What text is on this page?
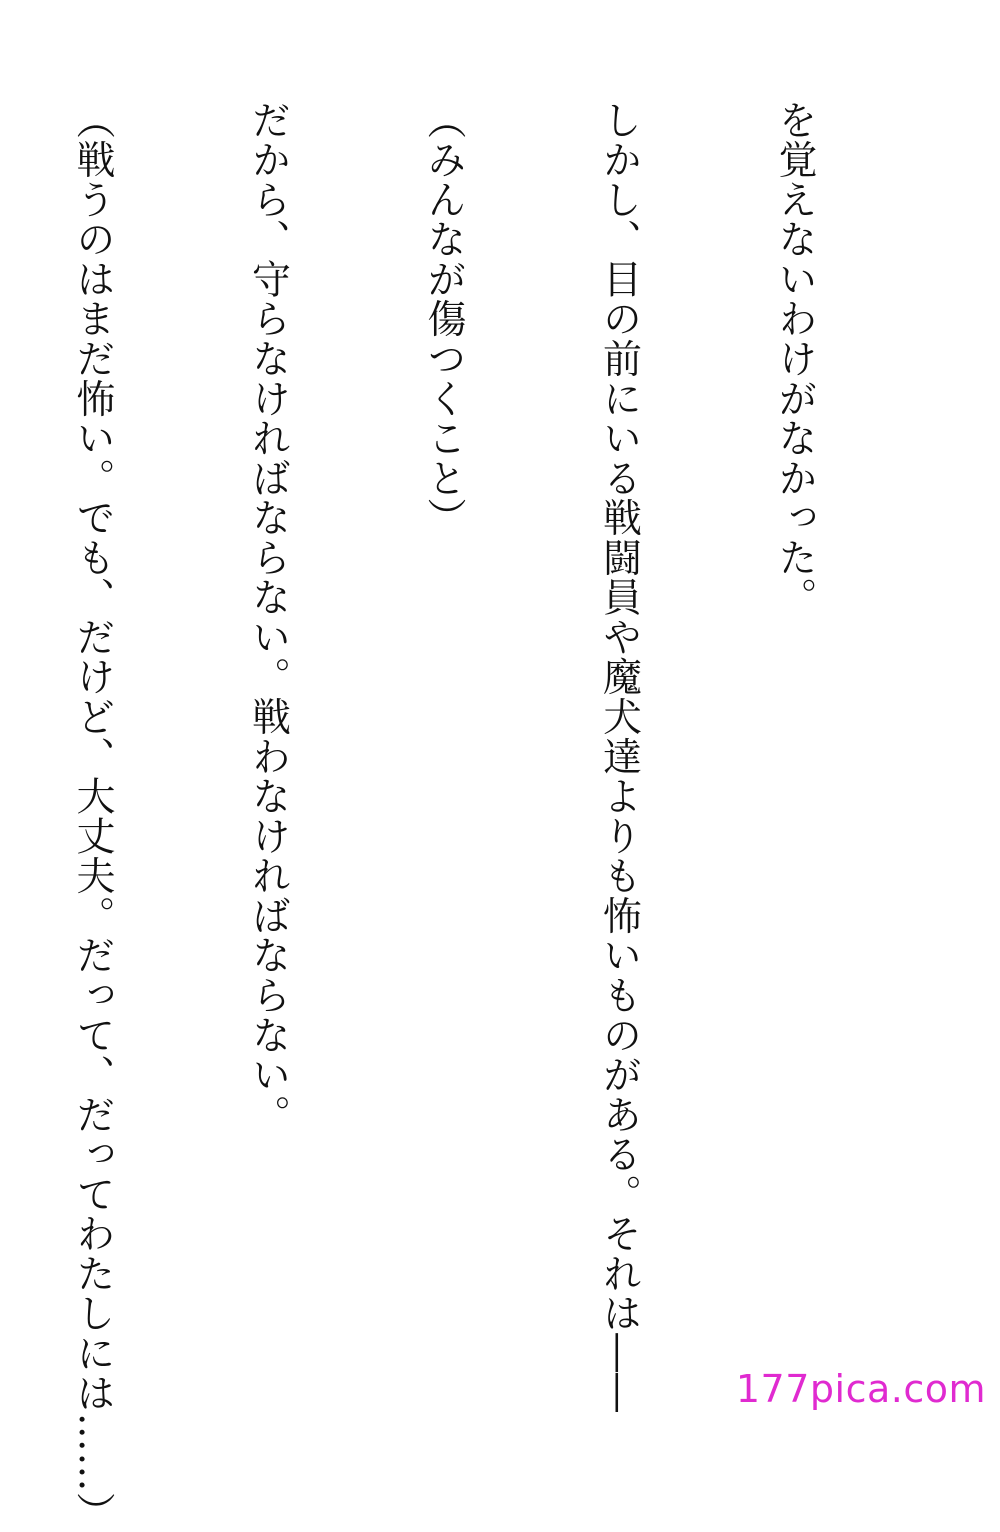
を覚えないわけがなかった。

しかし、目の前にいる戦闘員や魔犬達よりも怖いものがある。それは――

（みんなが傷つくこと）

だから、守らなければならない。戦わなければならない。

（戦うのはまだ怖い。でも、だけど、大丈夫。だって、だってわたしには……）

	177pica.com
